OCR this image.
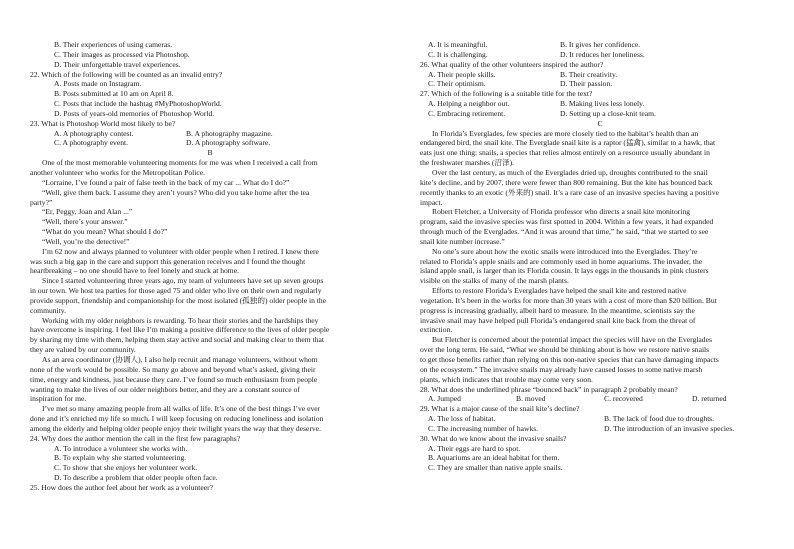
B. Their experiences of using cameras.
C. Their images as processed via Photoshop.
D. Their unforgettable travel experiences.
22. Which of the following will be counted as an invalid entry?
A. Posts made on Instagram.
B. Posts submitted at 10 am on April 8.
C. Posts that include the hashtag #MyPhotoshopWorld.
D. Posts of years-old memories of Photoshop World.
23. What is Photoshop World most likely to be?
A. A photography contest.	B. A photography magazine.
C. A photography event.	D. A photography software.
B
One of the most memorable volunteering moments for me was when I received a call from
another volunteer who works for the Metropolitan Police.
“Lorraine, I’ve found a pair of false teeth in the back of my car ... What do I do?”
“Well, give them back. I assume they aren’t yours? Who did you take home after the tea
party?”
“Er, Peggy, Joan and Alan ...”
“Well, there’s your answer.”
“What do you mean? What should I do?”
“Well, you’re the detective!”
I’m 62 now and always planned to volunteer with older people when I retired. I knew there
was such a big gap in the care and support this generation receives and I found the thought
heartbreaking – no one should have to feel lonely and stuck at home.
Since I started volunteering three years ago, my team of volunteers have set up seven groups
in our town. We host tea parties for those aged 75 and older who live on their own and regularly
provide support, friendship and companionship for the most isolated (孤独的) older people in the
community.
Working with my older neighbors is rewarding. To hear their stories and the hardships they
have overcome is inspiring. I feel like I’m making a positive difference to the lives of older people
by sharing my time with them, helping them stay active and social and making clear to them that
they are valued by our community.
As an area coordinator (协调人), I also help recruit and manage volunteers, without whom
none of the work would be possible. So many go above and beyond what’s asked, giving their
time, energy and kindness, just because they care. I’ve found so much enthusiasm from people
wanting to make the lives of our older neighbors better, and they are a constant source of
inspiration for me.
I’ve met so many amazing people from all walks of life. It’s one of the best things I’ve ever
done and it’s enriched my life so much. I will keep focusing on reducing loneliness and isolation
among the elderly and helping older people enjoy their twilight years the way that they deserve.
24. Why does the author mention the call in the first few paragraphs?
A. To introduce a volunteer she works with.
B. To explain why she started volunteering.
C. To show that she enjoys her volunteer work.
D. To describe a problem that older people often face.
25. How does the author feel about her work as a volunteer?
A. It is meaningful.	B. It gives her confidence.
C. It is challenging.	D. It reduces her loneliness.
26. What quality of the other volunteers inspired the author?
A. Their people skills.	B. Their creativity.
C. Their optimism.	D. Their passion.
27. Which of the following is a suitable title for the text?
A. Helping a neighbor out.	B. Making lives less lonely.
C. Embracing retirement.	D. Setting up a close-knit team.
C
In Florida’s Everglades, few species are more closely tied to the habitat’s health than an
endangered bird, the snail kite. The Everglade snail kite is a raptor (猛禽), similar to a hawk, that
eats just one thing: snails, a species that relies almost entirely on a resource usually abundant in
the freshwater marshes (沼泽).
Over the last century, as much of the Everglades dried up, droughts contributed to the snail
kite’s decline, and by 2007, there were fewer than 800 remaining. But the kite has bounced back
recently thanks to an exotic (外来的) snail. It’s a rare case of an invasive species having a positive
impact.
Robert Fletcher, a University of Florida professor who directs a snail kite monitoring
program, said the invasive species was first spotted in 2004. Within a few years, it had expanded
through much of the Everglades. “And it was around that time,” he said, “that we started to see
snail kite number increase.”
No one’s sure about how the exotic snails were introduced into the Everglades. They’re
related to Florida’s apple snails and are commonly used in home aquariums. The invader, the
island apple snail, is larger than its Florida cousin. It lays eggs in the thousands in pink clusters
visible on the stalks of many of the marsh plants.
Efforts to restore Florida’s Everglades have helped the snail kite and restored native
vegetation. It’s been in the works for more than 30 years with a cost of more than $20 billion. But
progress is increasing gradually, albeit hard to measure. In the meantime, scientists say the
invasive snail may have helped pull Florida’s endangered snail kite back from the threat of
extinction.
But Fletcher is concerned about the potential impact the species will have on the Everglades
over the long term. He said, “What we should be thinking about is how we restore native snails
to get those benefits rather than relying on this non-native species that can have damaging impacts
on the ecosystem.” The invasive snails may already have caused losses to some native marsh
plants, which indicates that trouble may come very soon.
28. What does the underlined phrase “bounced back” in paragraph 2 probably mean?
A. Jumped	B. moved	C. recovered	D. returned
29. What is a major cause of the snail kite’s decline?
A. The loss of habitat.	B. The lack of food due to droughts.
C. The increasing number of hawks.	D. The introduction of an invasive species.
30. What do we know about the invasive snails?
A. Their eggs are hard to spot.
B. Aquariums are an ideal habitat for them.
C. They are smaller than native apple snails.
